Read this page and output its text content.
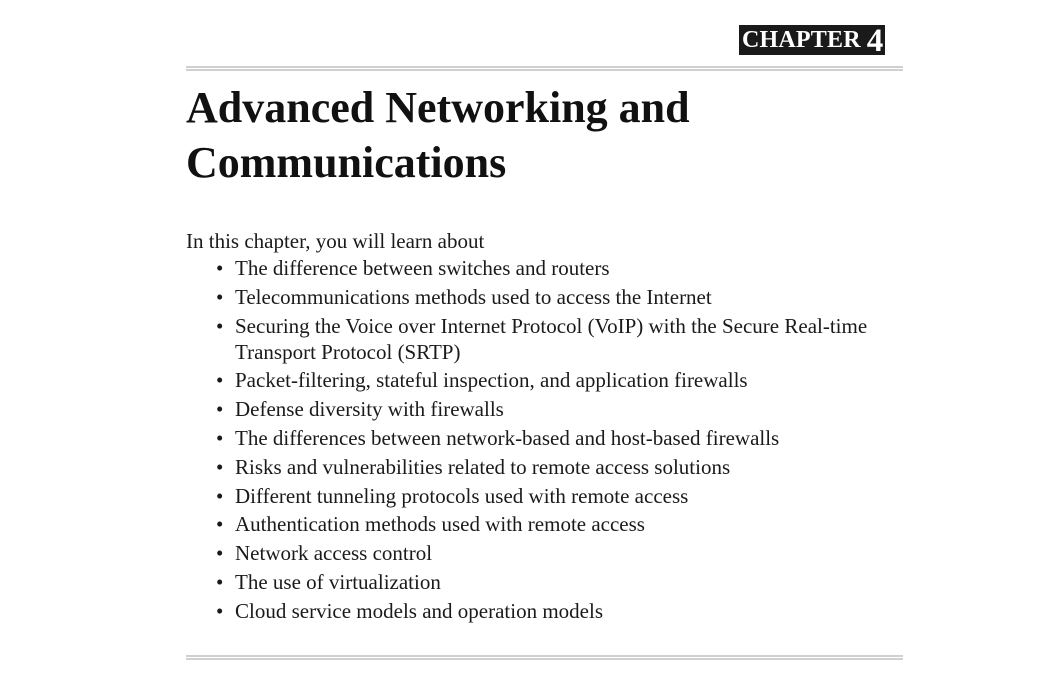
CHAPTER 4
Advanced Networking and
Communications

In this chapter, you will learn about

• The difference between switches and routers
• Telecommunications methods used to access the Internet
• Securing the Voice over Internet Protocol (VoIP) with the Secure Real-time Transport Protocol (SRTP)
• Packet-filtering, stateful inspection, and application firewalls
• Defense diversity with firewalls
• The differences between network-based and host-based firewalls
• Risks and vulnerabilities related to remote access solutions
• Different tunneling protocols used with remote access
• Authentication methods used with remote access
• Network access control
• The use of virtualization
• Cloud service models and operation models
